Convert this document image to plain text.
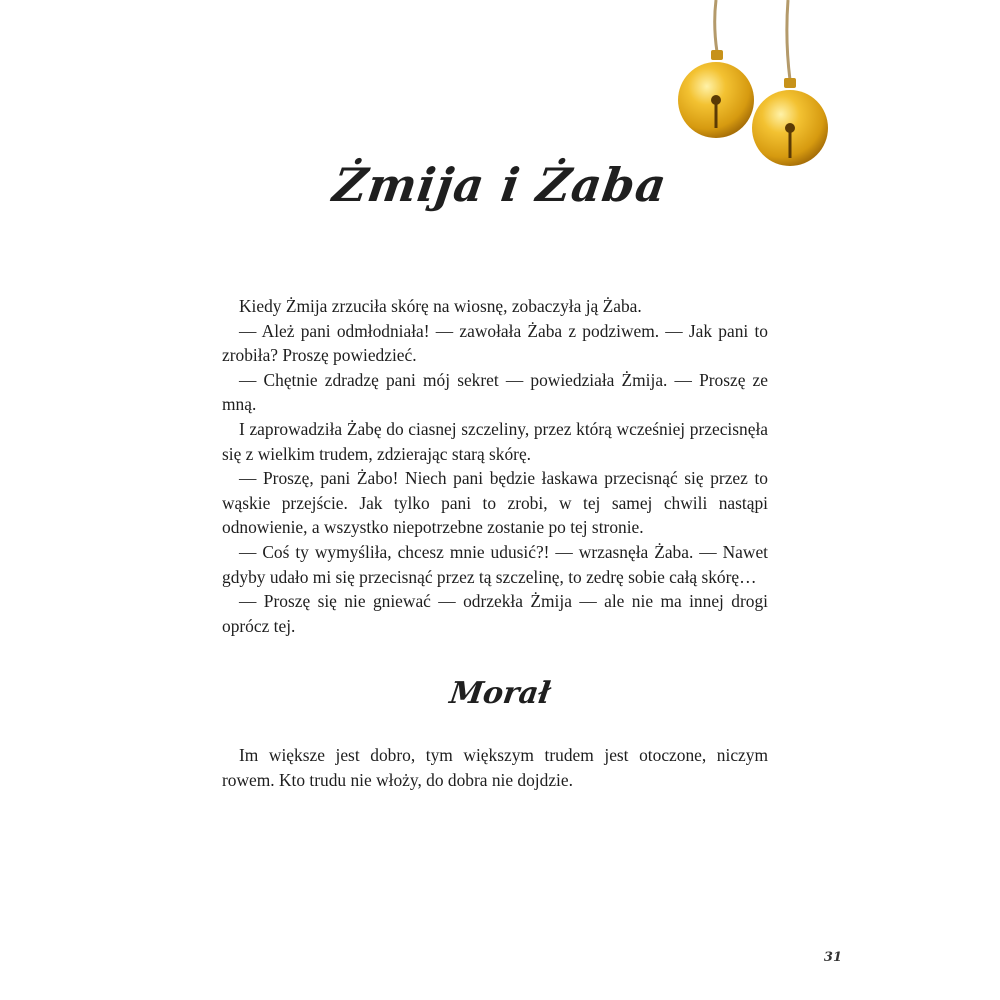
Żmija i Żaba

Kiedy Żmija zrzuciła skórę na wiosnę, zobaczyła ją Żaba.

— Ależ pani odmłodniała! — zawołała Żaba z podziwem. — Jak pani to zrobiła? Proszę powiedzieć.

— Chętnie zdradzę pani mój sekret — powiedziała Żmija. — Proszę ze mną.

I zaprowadziła Żabę do ciasnej szczeliny, przez którą wcześniej przecisnęła się z wielkim trudem, zdzierając starą skórę.

— Proszę, pani Żabo! Niech pani będzie łaskawa przecisnąć się przez to wąskie przejście. Jak tylko pani to zrobi, w tej samej chwili nastąpi odnowienie, a wszystko niepotrzebne zostanie po tej stronie.

— Coś ty wymyśliła, chcesz mnie udusić?! — wrzasnęła Żaba. — Nawet gdyby udało mi się przecisnąć przez tą szczelinę, to zedrę sobie całą skórę…

— Proszę się nie gniewać — odrzekła Żmija — ale nie ma innej drogi oprócz tej.

Morał

Im większe jest dobro, tym większym trudem jest otoczone, niczym rowem. Kto trudu nie włoży, do dobra nie dojdzie.

31
